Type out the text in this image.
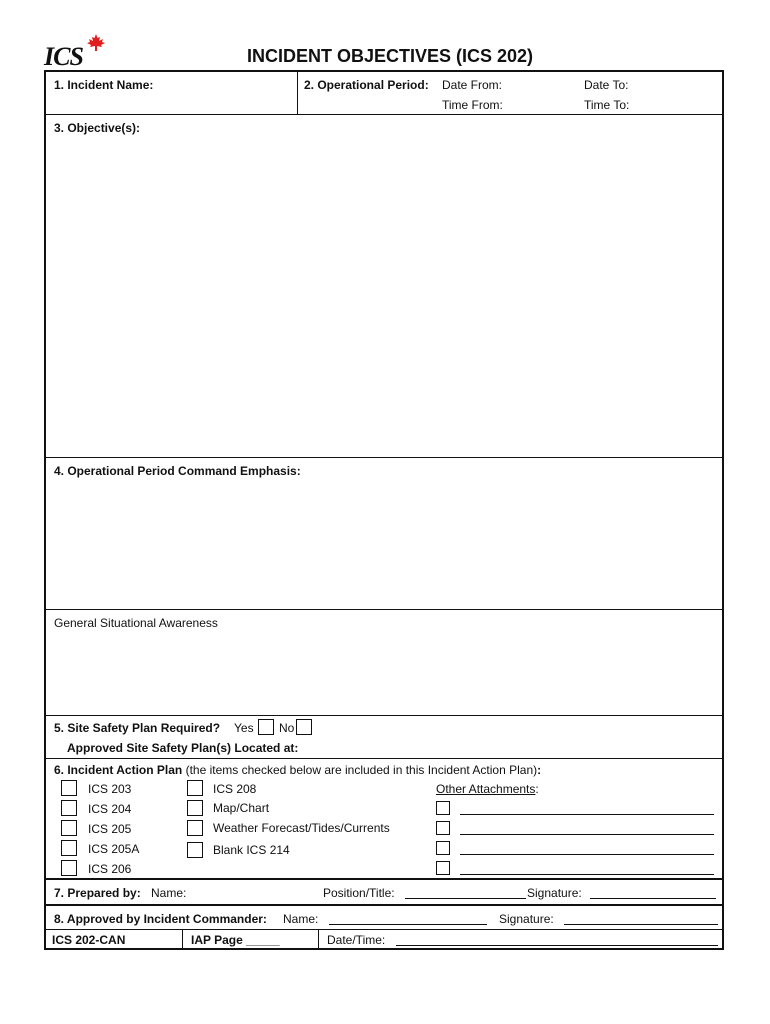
ICS	INCIDENT OBJECTIVES (ICS 202)
1. Incident Name:	2. Operational Period: Date From:	Date To:
Time From:	Time To:
3. Objective(s):
4. Operational Period Command Emphasis:
General Situational Awareness
5. Site Safety Plan Required? Yes No
Approved Site Safety Plan(s) Located at:
6. Incident Action Plan (the items checked below are included in this Incident Action Plan):
ICS 203
ICS 204
ICS 205
ICS 205A
ICS 206
ICS 208
Map/Chart
Weather Forecast/Tides/Currents
Blank ICS 214
Other Attachments:
7. Prepared by: Name:	Position/Title:	Signature:
8. Approved by Incident Commander: Name:	Signature:
ICS 202-CAN	IAP Page _____	Date/Time:
